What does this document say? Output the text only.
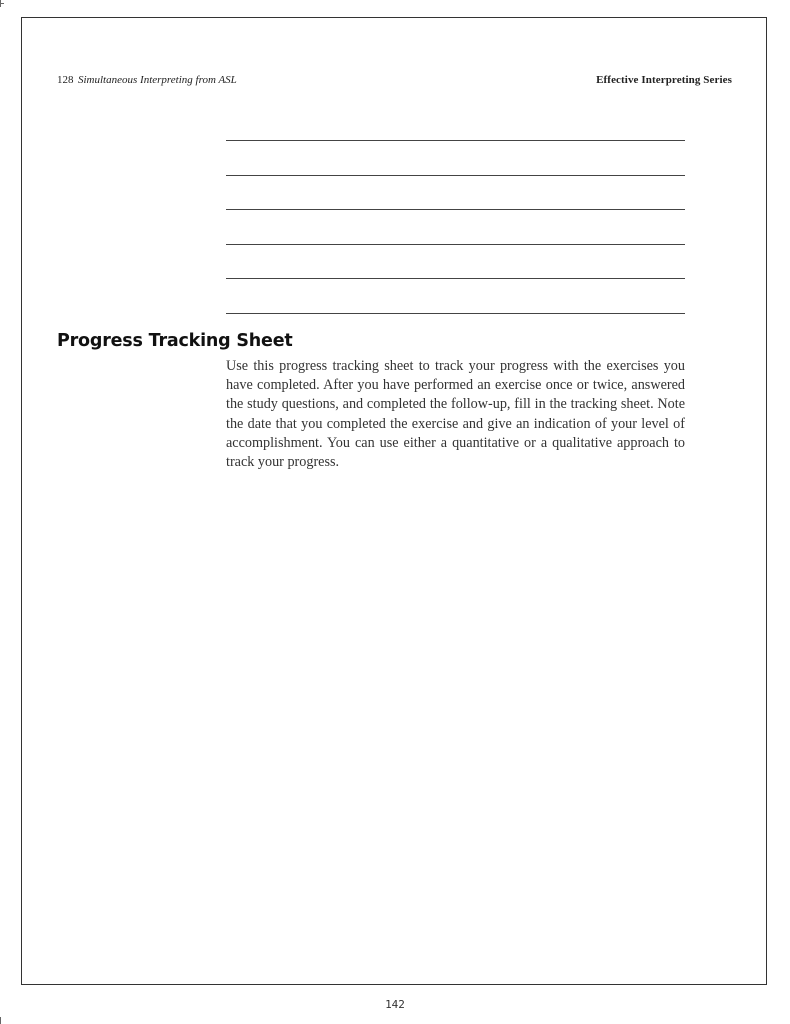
128 Simultaneous Interpreting from ASL	Effective Interpreting Series
Progress Tracking Sheet

Use this progress tracking sheet to track your progress with the exercises you have completed. After you have performed an exercise once or twice, answered the study questions, and completed the follow-up, fill in the tracking sheet. Note the date that you completed the exercise and give an indication of your level of accomplishment. You can use either a quantitative or a qualitative approach to track your progress.

142
